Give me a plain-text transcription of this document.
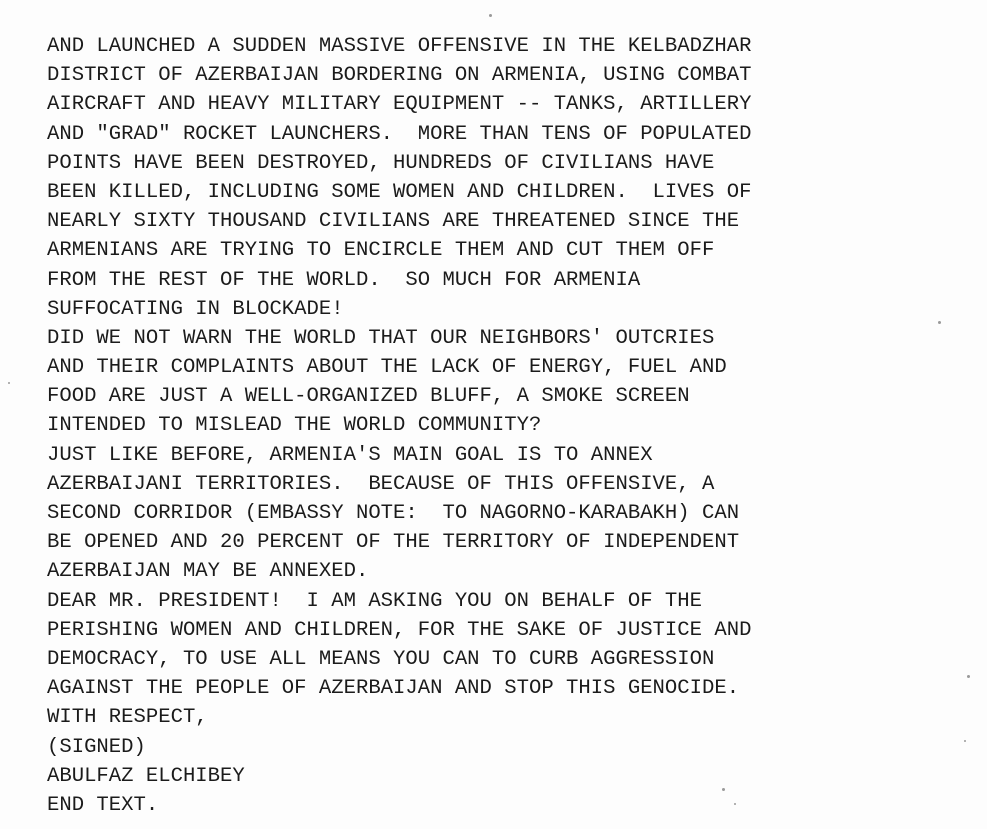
AND LAUNCHED A SUDDEN MASSIVE OFFENSIVE IN THE KELBADZHAR
DISTRICT OF AZERBAIJAN BORDERING ON ARMENIA, USING COMBAT
AIRCRAFT AND HEAVY MILITARY EQUIPMENT -- TANKS, ARTILLERY
AND "GRAD" ROCKET LAUNCHERS.  MORE THAN TENS OF POPULATED
POINTS HAVE BEEN DESTROYED, HUNDREDS OF CIVILIANS HAVE
BEEN KILLED, INCLUDING SOME WOMEN AND CHILDREN.  LIVES OF
NEARLY SIXTY THOUSAND CIVILIANS ARE THREATENED SINCE THE
ARMENIANS ARE TRYING TO ENCIRCLE THEM AND CUT THEM OFF
FROM THE REST OF THE WORLD.  SO MUCH FOR ARMENIA
SUFFOCATING IN BLOCKADE!
DID WE NOT WARN THE WORLD THAT OUR NEIGHBORS' OUTCRIES
AND THEIR COMPLAINTS ABOUT THE LACK OF ENERGY, FUEL AND
FOOD ARE JUST A WELL-ORGANIZED BLUFF, A SMOKE SCREEN
INTENDED TO MISLEAD THE WORLD COMMUNITY?
JUST LIKE BEFORE, ARMENIA'S MAIN GOAL IS TO ANNEX
AZERBAIJANI TERRITORIES.  BECAUSE OF THIS OFFENSIVE, A
SECOND CORRIDOR (EMBASSY NOTE:  TO NAGORNO-KARABAKH) CAN
BE OPENED AND 20 PERCENT OF THE TERRITORY OF INDEPENDENT
AZERBAIJAN MAY BE ANNEXED.
DEAR MR. PRESIDENT!  I AM ASKING YOU ON BEHALF OF THE
PERISHING WOMEN AND CHILDREN, FOR THE SAKE OF JUSTICE AND
DEMOCRACY, TO USE ALL MEANS YOU CAN TO CURB AGGRESSION
AGAINST THE PEOPLE OF AZERBAIJAN AND STOP THIS GENOCIDE.
WITH RESPECT,
(SIGNED)
ABULFAZ ELCHIBEY
END TEXT.
